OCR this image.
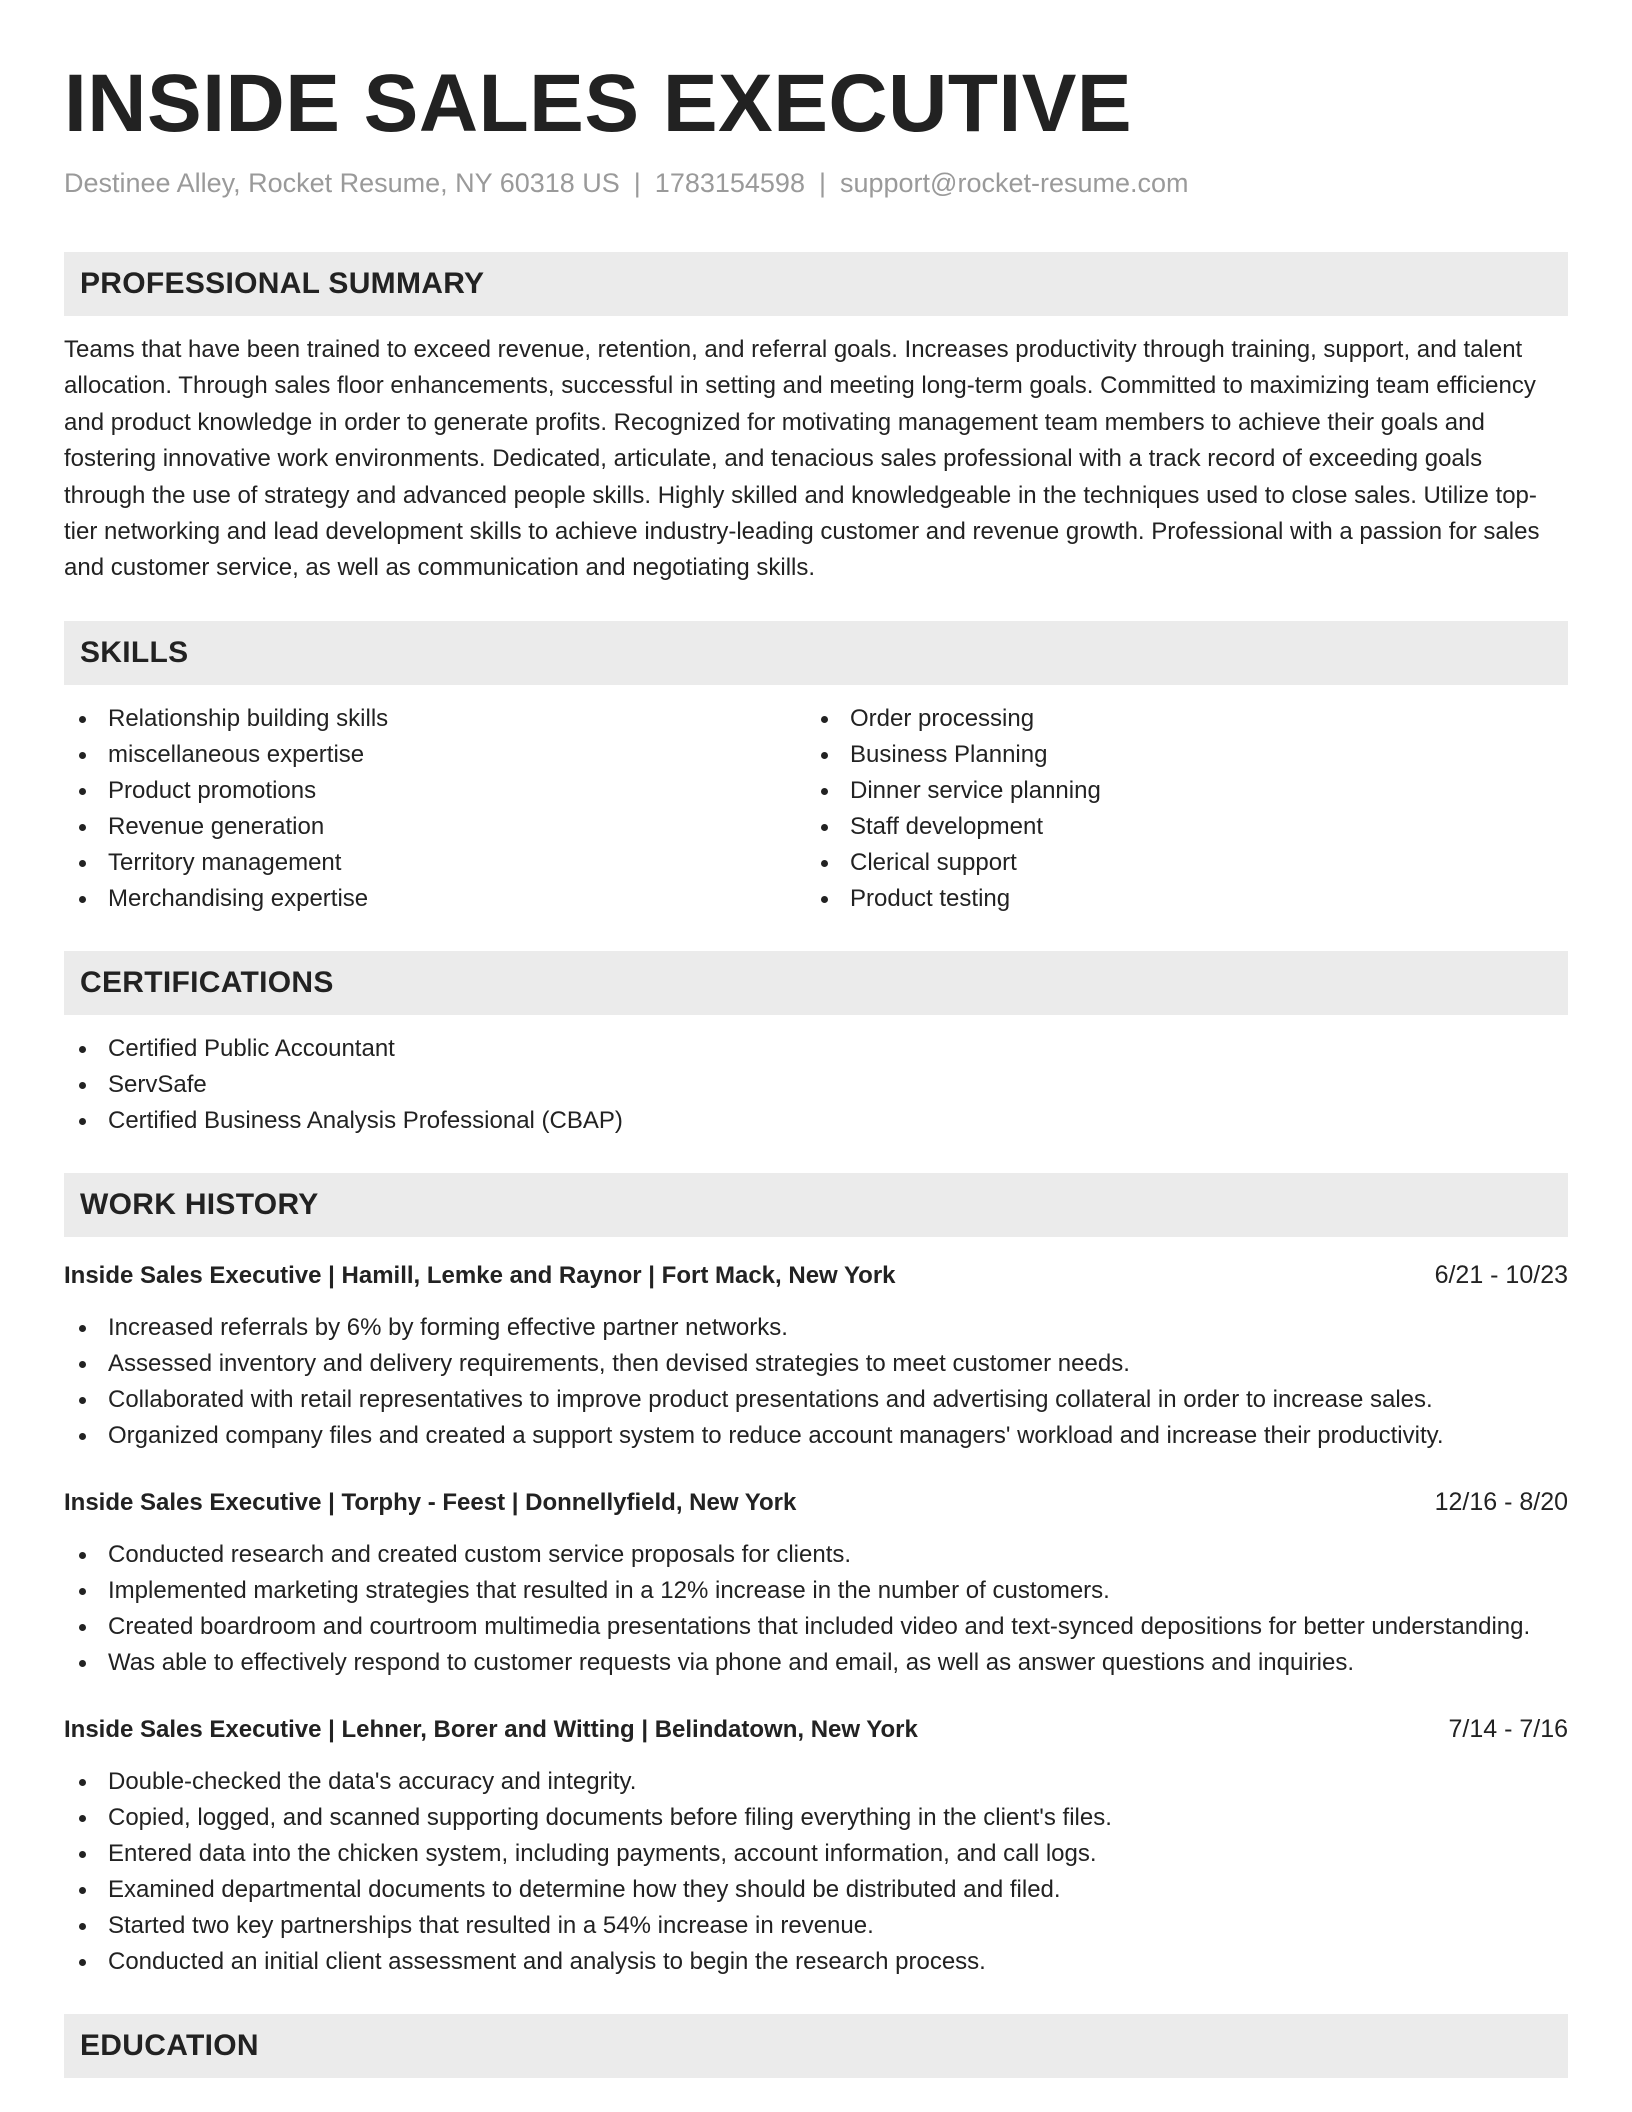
INSIDE SALES EXECUTIVE
Destinee Alley, Rocket Resume, NY 60318 US | 1783154598 | support@rocket-resume.com
PROFESSIONAL SUMMARY
Teams that have been trained to exceed revenue, retention, and referral goals. Increases productivity through training, support, and talent allocation. Through sales floor enhancements, successful in setting and meeting long-term goals. Committed to maximizing team efficiency and product knowledge in order to generate profits. Recognized for motivating management team members to achieve their goals and fostering innovative work environments. Dedicated, articulate, and tenacious sales professional with a track record of exceeding goals through the use of strategy and advanced people skills. Highly skilled and knowledgeable in the techniques used to close sales. Utilize top-tier networking and lead development skills to achieve industry-leading customer and revenue growth. Professional with a passion for sales and customer service, as well as communication and negotiating skills.
SKILLS
Relationship building skills
miscellaneous expertise
Product promotions
Revenue generation
Territory management
Merchandising expertise
Order processing
Business Planning
Dinner service planning
Staff development
Clerical support
Product testing
CERTIFICATIONS
Certified Public Accountant
ServSafe
Certified Business Analysis Professional (CBAP)
WORK HISTORY
Inside Sales Executive | Hamill, Lemke and Raynor | Fort Mack, New York	6/21 - 10/23
Increased referrals by 6% by forming effective partner networks.
Assessed inventory and delivery requirements, then devised strategies to meet customer needs.
Collaborated with retail representatives to improve product presentations and advertising collateral in order to increase sales.
Organized company files and created a support system to reduce account managers' workload and increase their productivity.
Inside Sales Executive | Torphy - Feest | Donnellyfield, New York	12/16 - 8/20
Conducted research and created custom service proposals for clients.
Implemented marketing strategies that resulted in a 12% increase in the number of customers.
Created boardroom and courtroom multimedia presentations that included video and text-synced depositions for better understanding.
Was able to effectively respond to customer requests via phone and email, as well as answer questions and inquiries.
Inside Sales Executive | Lehner, Borer and Witting | Belindatown, New York	7/14 - 7/16
Double-checked the data's accuracy and integrity.
Copied, logged, and scanned supporting documents before filing everything in the client's files.
Entered data into the chicken system, including payments, account information, and call logs.
Examined departmental documents to determine how they should be distributed and filed.
Started two key partnerships that resulted in a 54% increase in revenue.
Conducted an initial client assessment and analysis to begin the research process.
EDUCATION
